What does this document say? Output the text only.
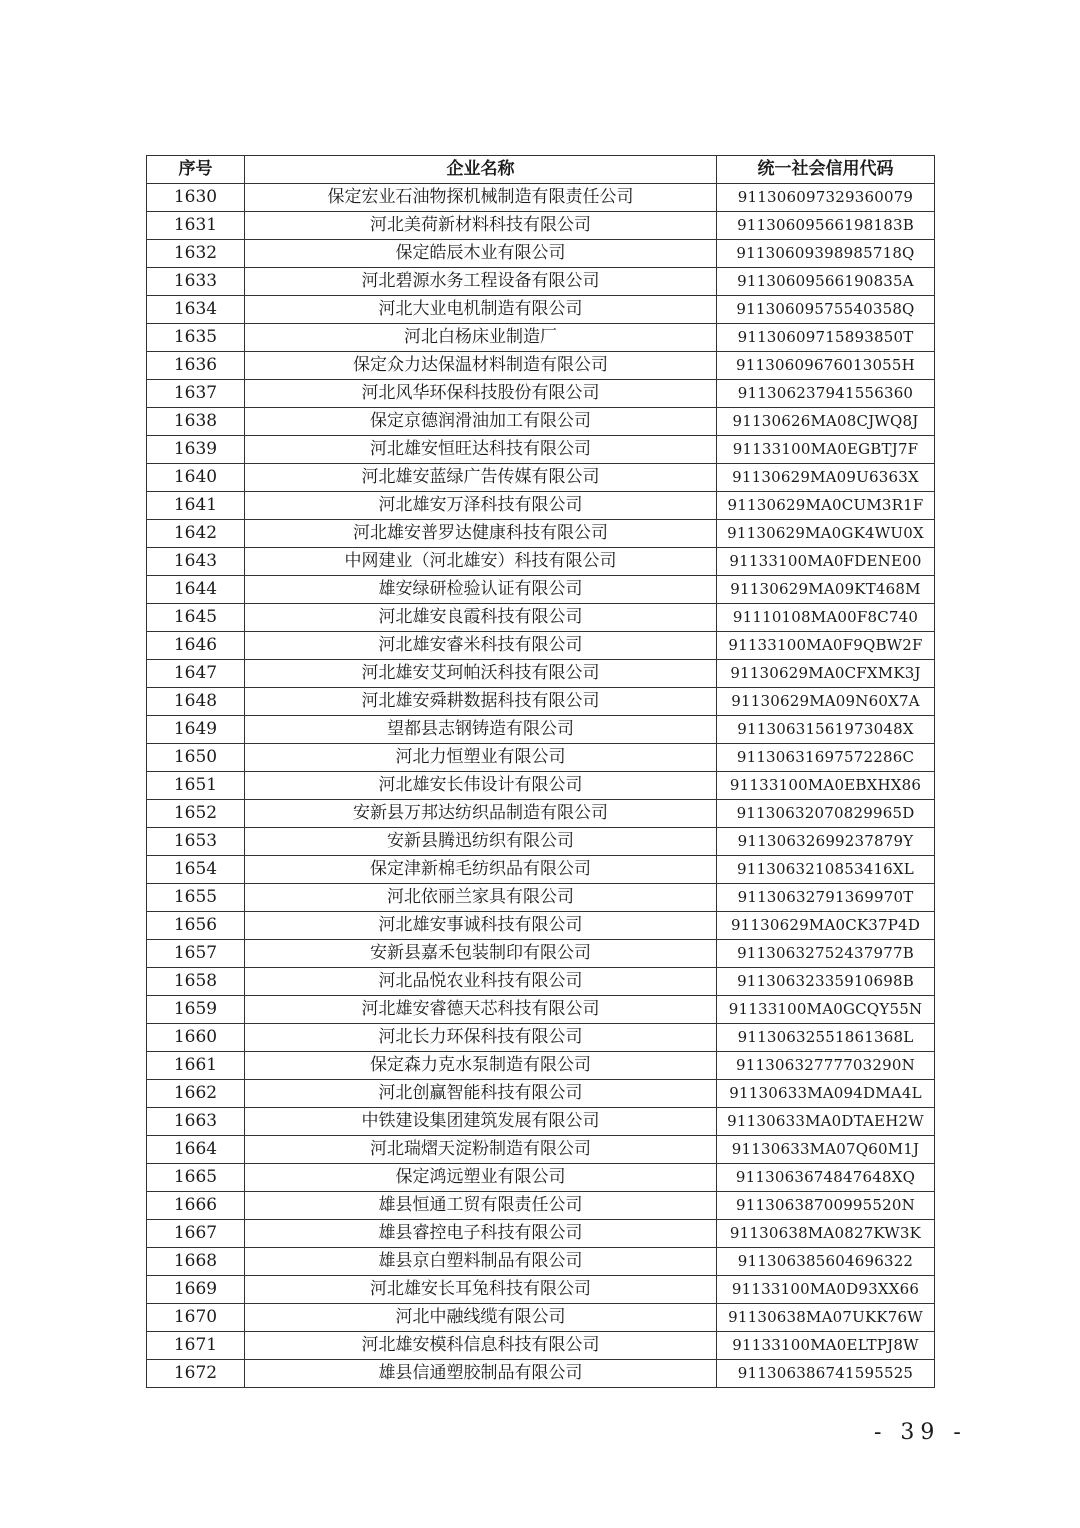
序号	企业名称	统一社会信用代码
1630	保定宏业石油物探机械制造有限责任公司	911306097329360079
1631	河北美荷新材料科技有限公司	91130609566198183B
1632	保定皓辰木业有限公司	91130609398985718Q
1633	河北碧源水务工程设备有限公司	91130609566190835A
1634	河北大业电机制造有限公司	91130609575540358Q
1635	河北白杨床业制造厂	91130609715893850T
1636	保定众力达保温材料制造有限公司	91130609676013055H
1637	河北风华环保科技股份有限公司	911306237941556360
1638	保定京德润滑油加工有限公司	91130626MA08CJWQ8J
1639	河北雄安恒旺达科技有限公司	91133100MA0EGBTJ7F
1640	河北雄安蓝绿广告传媒有限公司	91130629MA09U6363X
1641	河北雄安万泽科技有限公司	91130629MA0CUM3R1F
1642	河北雄安普罗达健康科技有限公司	91130629MA0GK4WU0X
1643	中网建业（河北雄安）科技有限公司	91133100MA0FDENE00
1644	雄安绿研检验认证有限公司	91130629MA09KT468M
1645	河北雄安良霞科技有限公司	91110108MA00F8C740
1646	河北雄安睿米科技有限公司	91133100MA0F9QBW2F
1647	河北雄安艾珂帕沃科技有限公司	91130629MA0CFXMK3J
1648	河北雄安舜耕数据科技有限公司	91130629MA09N60X7A
1649	望都县志钢铸造有限公司	91130631561973048X
1650	河北力恒塑业有限公司	91130631697572286C
1651	河北雄安长伟设计有限公司	91133100MA0EBXHX86
1652	安新县万邦达纺织品制造有限公司	91130632070829965D
1653	安新县腾迅纺织有限公司	91130632699237879Y
1654	保定津新棉毛纺织品有限公司	9113063210853416XL
1655	河北依丽兰家具有限公司	91130632791369970T
1656	河北雄安事诚科技有限公司	91130629MA0CK37P4D
1657	安新县嘉禾包装制印有限公司	91130632752437977B
1658	河北品悦农业科技有限公司	91130632335910698B
1659	河北雄安睿德天芯科技有限公司	91133100MA0GCQY55N
1660	河北长力环保科技有限公司	91130632551861368L
1661	保定森力克水泵制造有限公司	91130632777703290N
1662	河北创赢智能科技有限公司	91130633MA094DMA4L
1663	中铁建设集团建筑发展有限公司	91130633MA0DTAEH2W
1664	河北瑞熠天淀粉制造有限公司	91130633MA07Q60M1J
1665	保定鸿远塑业有限公司	9113063674847648XQ
1666	雄县恒通工贸有限责任公司	91130638700995520N
1667	雄县睿控电子科技有限公司	91130638MA0827KW3K
1668	雄县京白塑料制品有限公司	911306385604696322
1669	河北雄安长耳兔科技有限公司	91133100MA0D93XX66
1670	河北中融线缆有限公司	91130638MA07UKK76W
1671	河北雄安模科信息科技有限公司	91133100MA0ELTPJ8W
1672	雄县信通塑胶制品有限公司	911306386741595525
- 39 -
